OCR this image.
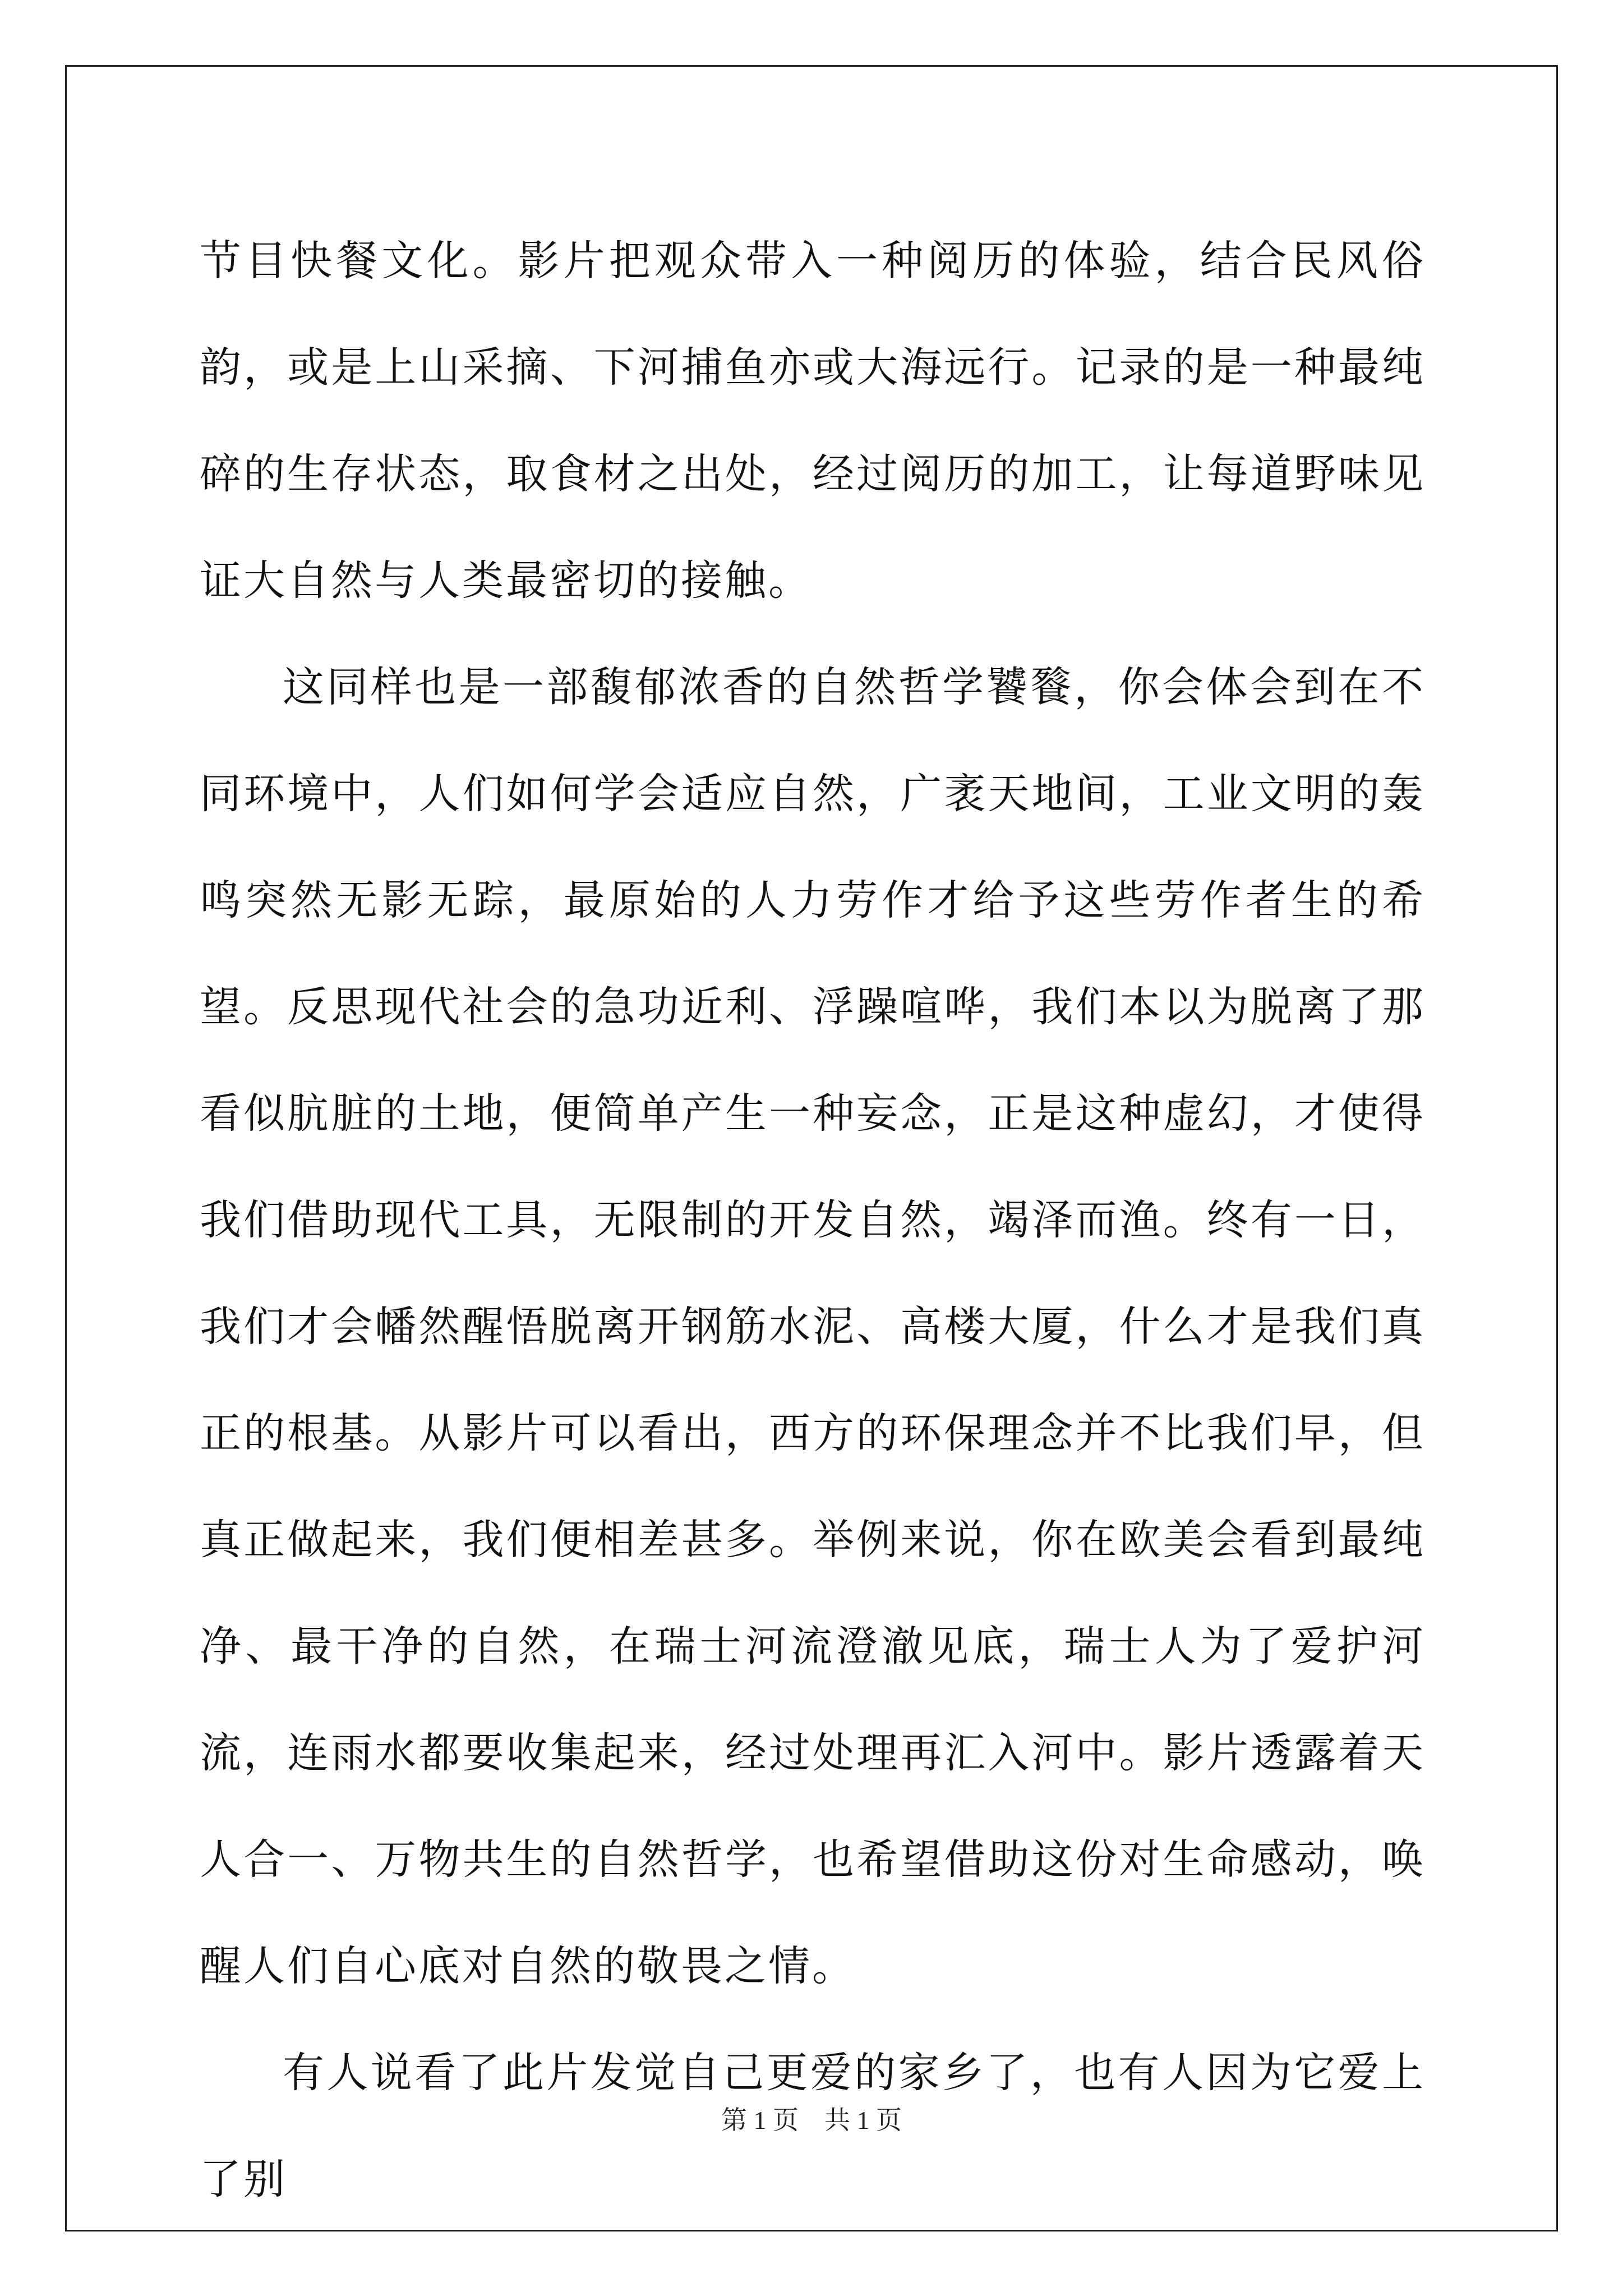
节目快餐文化。影片把观众带入一种阅历的体验，结合民风俗韵，或是上山采摘、下河捕鱼亦或大海远行。记录的是一种最纯碎的生存状态，取食材之出处，经过阅历的加工，让每道野味见证大自然与人类最密切的接触。

这同样也是一部馥郁浓香的自然哲学饕餮，你会体会到在不同环境中，人们如何学会适应自然，广袤天地间，工业文明的轰鸣突然无影无踪，最原始的人力劳作才给予这些劳作者生的希望。反思现代社会的急功近利、浮躁喧哗，我们本以为脱离了那看似肮脏的土地，便简单产生一种妄念，正是这种虚幻，才使得我们借助现代工具，无限制的开发自然，竭泽而渔。终有一日，我们才会幡然醒悟脱离开钢筋水泥、高楼大厦，什么才是我们真正的根基。从影片可以看出，西方的环保理念并不比我们早，但真正做起来，我们便相差甚多。举例来说，你在欧美会看到最纯净、最干净的自然，在瑞士河流澄澈见底，瑞士人为了爱护河流，连雨水都要收集起来，经过处理再汇入河中。影片透露着天人合一、万物共生的自然哲学，也希望借助这份对生命感动，唤醒人们自心底对自然的敬畏之情。

有人说看了此片发觉自己更爱的家乡了，也有人因为它爱上了别

第 1 页 共 1 页
